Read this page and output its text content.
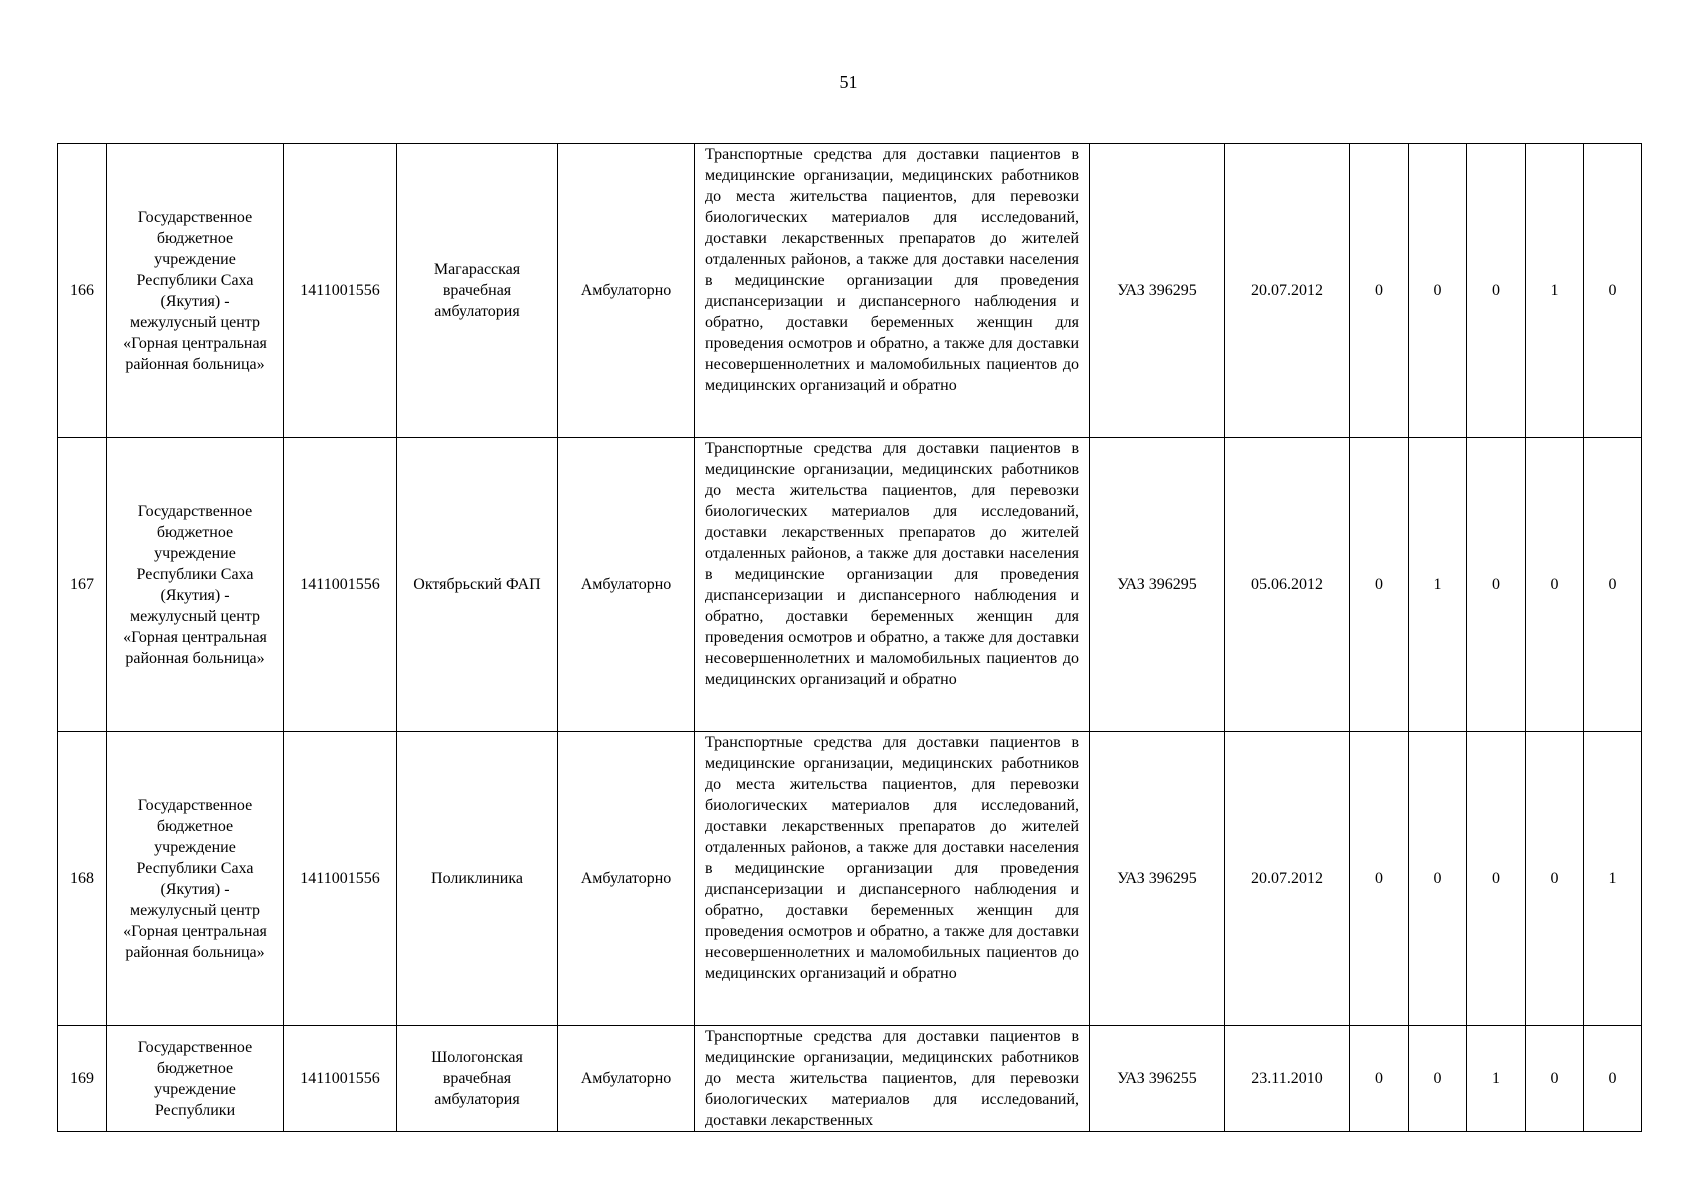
51
166	Государственное бюджетное учреждение Республики Саха (Якутия) - межулусный центр «Горная центральная районная больница»	1411001556	Магарасская врачебная амбулатория	Амбулаторно	Транспортные средства для доставки пациентов в медицинские организации, медицинских работников до места жительства пациентов, для перевозки биологических материалов для исследований, доставки лекарственных препаратов до жителей отдаленных районов, а также для доставки населения в медицинские организации для проведения диспансеризации и диспансерного наблюдения и обратно, доставки беременных женщин для проведения осмотров и обратно, а также для доставки несовершеннолетних и маломобильных пациентов до медицинских организаций и обратно	УАЗ 396295	20.07.2012	0	0	0	1	0
167	Государственное бюджетное учреждение Республики Саха (Якутия) - межулусный центр «Горная центральная районная больница»	1411001556	Октябрьский ФАП	Амбулаторно	Транспортные средства для доставки пациентов в медицинские организации, медицинских работников до места жительства пациентов, для перевозки биологических материалов для исследований, доставки лекарственных препаратов до жителей отдаленных районов, а также для доставки населения в медицинские организации для проведения диспансеризации и диспансерного наблюдения и обратно, доставки беременных женщин для проведения осмотров и обратно, а также для доставки несовершеннолетних и маломобильных пациентов до медицинских организаций и обратно	УАЗ 396295	05.06.2012	0	1	0	0	0
168	Государственное бюджетное учреждение Республики Саха (Якутия) - межулусный центр «Горная центральная районная больница»	1411001556	Поликлиника	Амбулаторно	Транспортные средства для доставки пациентов в медицинские организации, медицинских работников до места жительства пациентов, для перевозки биологических материалов для исследований, доставки лекарственных препаратов до жителей отдаленных районов, а также для доставки населения в медицинские организации для проведения диспансеризации и диспансерного наблюдения и обратно, доставки беременных женщин для проведения осмотров и обратно, а также для доставки несовершеннолетних и маломобильных пациентов до медицинских организаций и обратно	УАЗ 396295	20.07.2012	0	0	0	0	1
169	Государственное бюджетное учреждение Республики	1411001556	Шологонская врачебная амбулатория	Амбулаторно	Транспортные средства для доставки пациентов в медицинские организации, медицинских работников до места жительства пациентов, для перевозки биологических материалов для исследований, доставки лекарственных	УАЗ 396255	23.11.2010	0	0	1	0	0
